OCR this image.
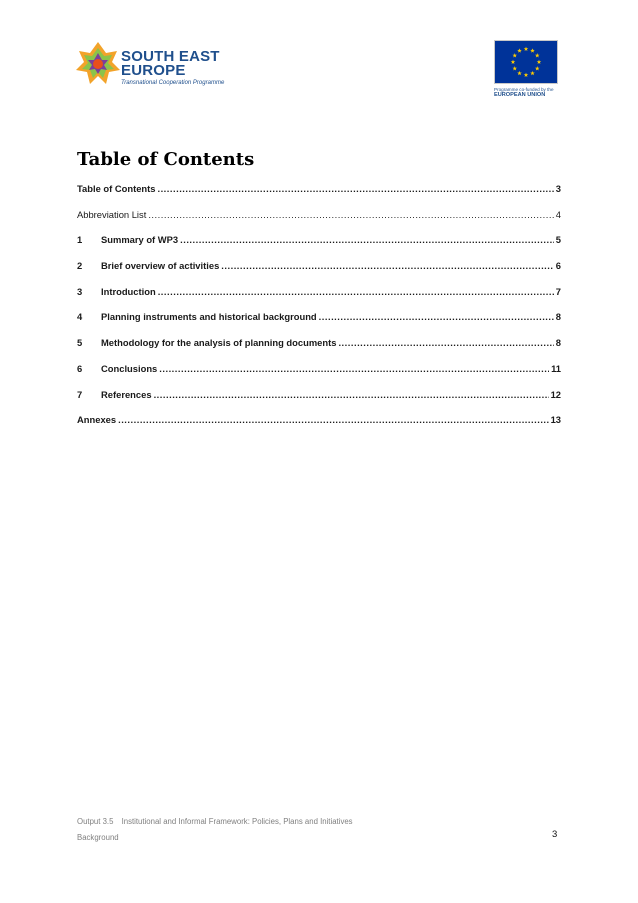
SOUTH EAST
EUROPE
Transnational Cooperation Programme
Programme co-funded by the
EUROPEAN UNION
Table of Contents
Table of Contents .....	3
Abbreviation List .....	4
1	Summary of WP3 .....	5
2	Brief overview of activities .....	6
3	Introduction .....	7
4	Planning instruments and historical background .....	8
5	Methodology for the analysis of planning documents .....	8
6	Conclusions .....	11
7	References .....	12
Annexes .....	13
Output 3.5 Institutional and Informal Framework: Policies, Plans and Initiatives
Background	3
